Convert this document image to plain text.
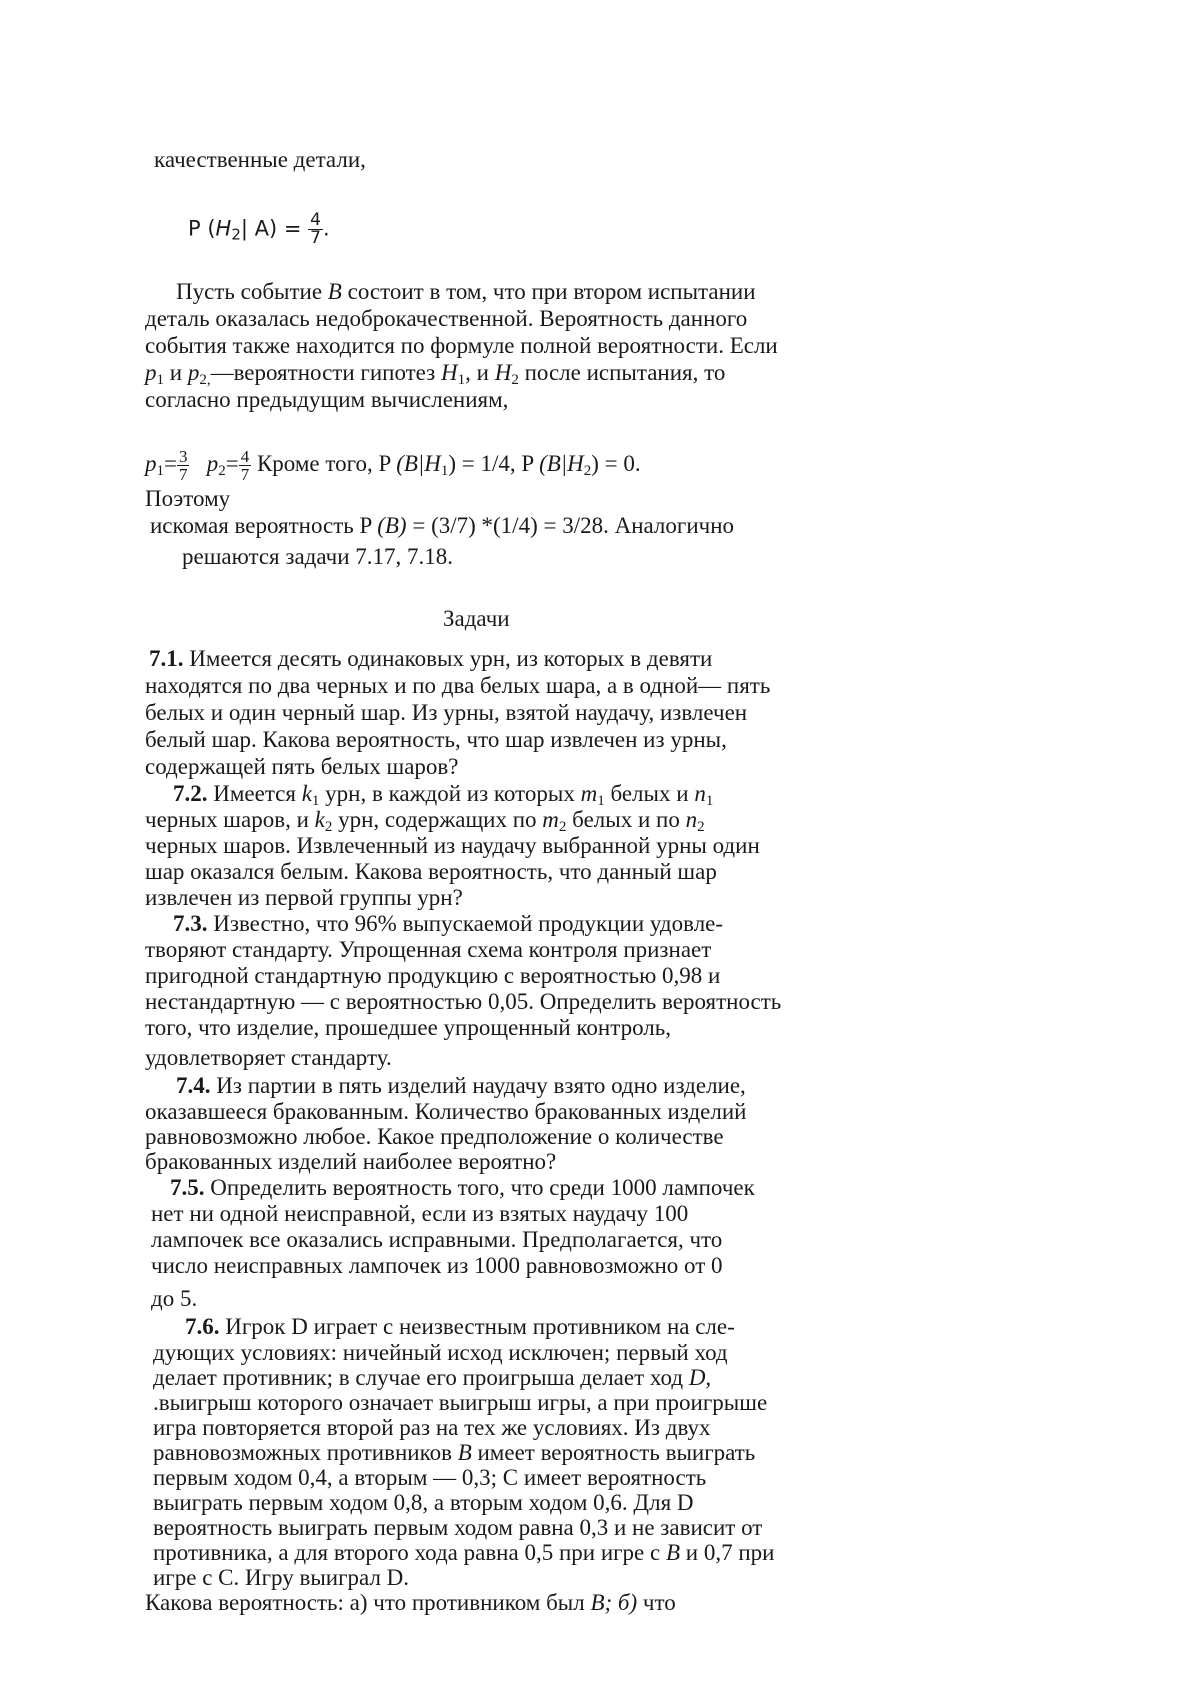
качественные детали,
P ($H_2|$ $A) = \frac{4}{7}$ .
Пусть событие B состоит в том, что при втором испытании
деталь оказалась недоброкачественной. Вероятность данного
события также находится по формуле полной вероятности. Если
$p_1$ и $p_{2,}—вероятности$ гипотез $H_1$, и $H_2$ после испытания, то
согласно предыдущим вычислениям,
$p_1= \frac{3}{7} p_2= \frac{4}{7}$ Кроме того, P $(B|H_1) = 1/4$, P $(B|H_2) = 0$.
Поэтому
искомая вероятность P (B) = (3/7) *(1/4) = 3/28. Аналогично
решаются задачи 7.17, 7.18.
Задачи
7.1. Имеется десять одинаковых урн, из которых в девяти
находятся по два черных и по два белых шара, а в одной— пять
белых и один черный шар. Из урны, взятой наудачу, извлечен
белый шар. Какова вероятность, что шар извлечен из урны,
содержащей пять белых шаров?
7.2. Имеется $k_1$ урн, в каждой из которых $m_1$ белых и $n_1$
черных шаров, и $k_2$ урн, содержащих по $m_2$ белых и по $n_2$
черных шаров. Извлеченный из наудачу выбранной урны один
шар оказался белым. Какова вероятность, что данный шар
извлечен из первой группы урн?
7.3. Известно, что 96% выпускаемой продукции удовле-
творяют стандарту. Упрощенная схема контроля признает
пригодной стандартную продукцию с вероятностью 0,98 и
нестандартную — с вероятностью 0,05. Определить вероятность
того, что изделие, прошедшее упрощенный контроль,
удовлетворяет стандарту.
7.4. Из партии в пять изделий наудачу взято одно изделие,
оказавшееся бракованным. Количество бракованных изделий
равновозможно любое. Какое предположение о количестве
бракованных изделий наиболее вероятно?
7.5. Определить вероятность того, что среди 1000 лампочек
нет ни одной неисправной, если из взятых наудачу 100
лампочек все оказались исправными. Предполагается, что
число неисправных лампочек из 1000 равновозможно от 0
до 5.
7.6. Игрок D играет с неизвестным противником на сле-
дующих условиях: ничейный исход исключен; первый ход
делает противник; в случае его проигрыша делает ход D,
.выигрыш которого означает выигрыш игры, а при проигрыше
игра повторяется второй раз на тех же условиях. Из двух
равновозможных противников B имеет вероятность выиграть
первым ходом 0,4, а вторым — 0,3; С имеет вероятность
выиграть первым ходом 0,8, а вторым ходом 0,6. Для D
вероятность выиграть первым ходом равна 0,3 и не зависит от
противника, а для второго хода равна 0,5 при игре с B и 0,7 при
игре с С. Игру выиграл D.
Какова вероятность: а) что противником был B; б) что
